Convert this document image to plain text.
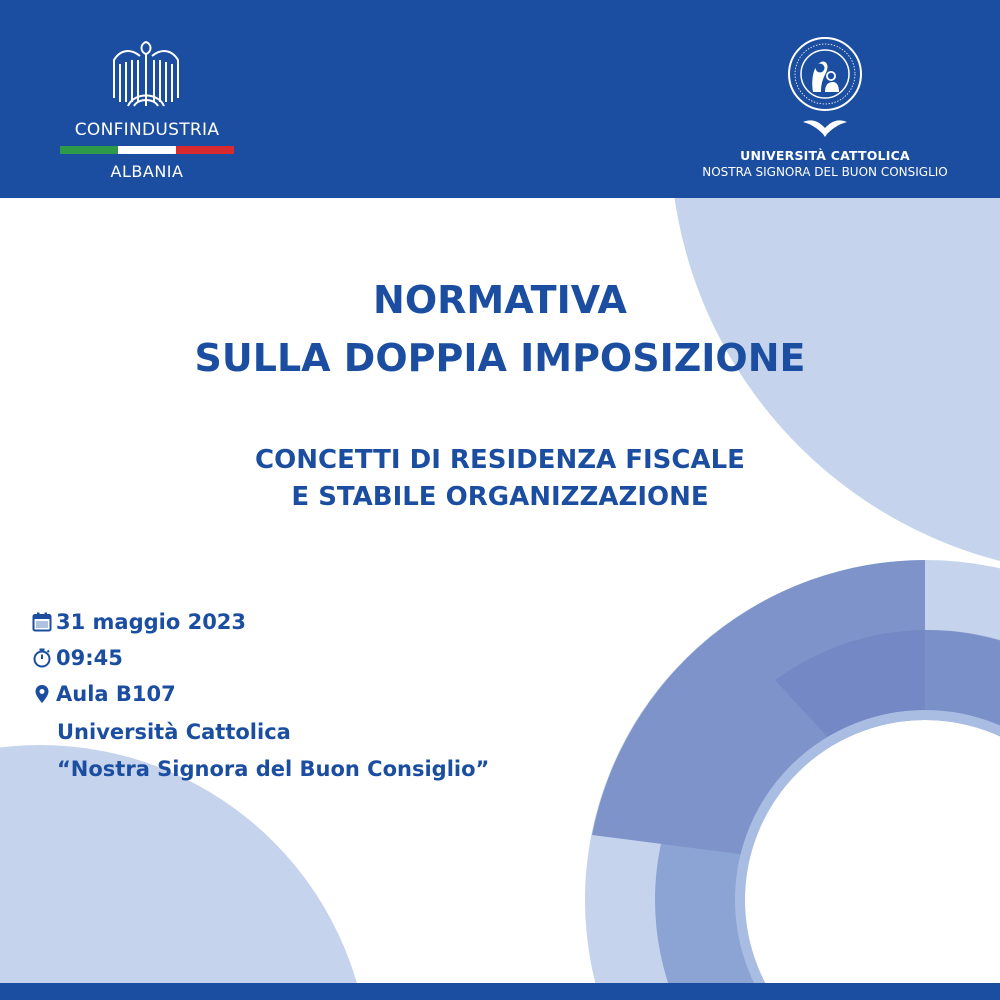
CONFINDUSTRIA
ALBANIA
UNIVERSITÀ CATTOLICA
NOSTRA SIGNORA DEL BUON CONSIGLIO
NORMATIVA
SULLA DOPPIA IMPOSIZIONE
CONCETTI DI RESIDENZA FISCALE
E STABILE ORGANIZZAZIONE
31 maggio 2023
09:45
Aula B107
Università Cattolica
“Nostra Signora del Buon Consiglio”
